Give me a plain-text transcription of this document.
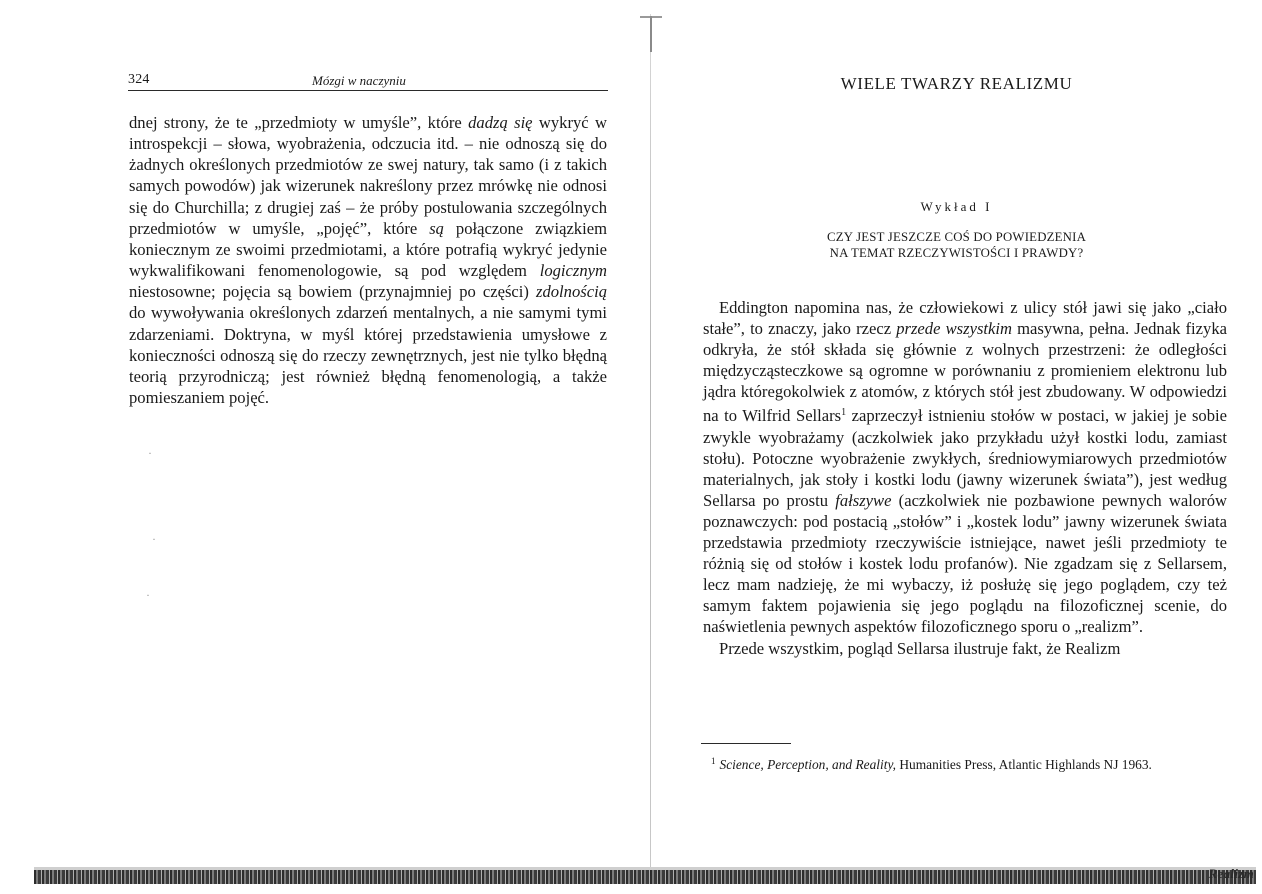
324	Mózgi w naczyniu

dnej strony, że te „przedmioty w umyśle”, które dadzą się wykryć w introspekcji – słowa, wyobrażenia, odczucia itd. – nie odnoszą się do żadnych określonych przedmiotów ze swej natury, tak samo (i z takich samych powodów) jak wizerunek nakreślony przez mrówkę nie odnosi się do Churchilla; z drugiej zaś – że próby postulowania szczególnych przedmiotów w umyśle, „pojęć”, które są połączone związkiem koniecznym ze swoimi przedmiotami, a które potrafią wykryć jedynie wykwalifikowani fenomenologowie, są pod względem logicznym niestosowne; pojęcia są bowiem (przynajmniej po części) zdolnością do wywoływania określonych zdarzeń mentalnych, a nie samymi tymi zdarzeniami. Doktryna, w myśl której przedstawienia umysłowe z konieczności odnoszą się do rzeczy zewnętrznych, jest nie tylko błędną teorią przyrodniczą; jest również błędną fenomenologią, a także pomieszaniem pojęć.

·
·
·
WIELE TWARZY REALIZMU
Wykład I
CZY JEST JESZCZE COŚ DO POWIEDZENIA
NA TEMAT RZECZYWISTOŚCI I PRAWDY?

Eddington napomina nas, że człowiekowi z ulicy stół jawi się jako „ciało stałe”, to znaczy, jako rzecz przede wszystkim masywna, pełna. Jednak fizyka odkryła, że stół składa się głównie z wolnych przestrzeni: że odległości międzycząsteczkowe są ogromne w porównaniu z promieniem elektronu lub jądra któregokolwiek z atomów, z których stół jest zbudowany. W odpowiedzi na to Wilfrid Sellars$^1$ zaprzeczył istnieniu stołów w postaci, w jakiej je sobie zwykle wyobrażamy (aczkolwiek jako przykładu użył kostki lodu, zamiast stołu). Potoczne wyobrażenie zwykłych, średniowymiarowych przedmiotów materialnych, jak stoły i kostki lodu (jawny wizerunek świata”), jest według Sellarsa po prostu fałszywe (aczkolwiek nie pozbawione pewnych walorów poznawczych: pod postacią „stołów” i „kostek lodu” jawny wizerunek świata przedstawia przedmioty rzeczywiście istniejące, nawet jeśli przedmioty te różnią się od stołów i kostek lodu profanów). Nie zgadzam się z Sellarsem, lecz mam nadzieję, że mi wybaczy, iż posłużę się jego poglądem, czy też samym faktem pojawienia się jego poglądu na filozoficznej scenie, do naświetlenia pewnych aspektów filozoficznego sporu o „realizm”.

Przede wszystkim, pogląd Sellarsa ilustruje fakt, że Realizm

$^1$ Science, Perception, and Reality, Humanities Press, Atlantic Highlands NJ 1963.
Realizm
